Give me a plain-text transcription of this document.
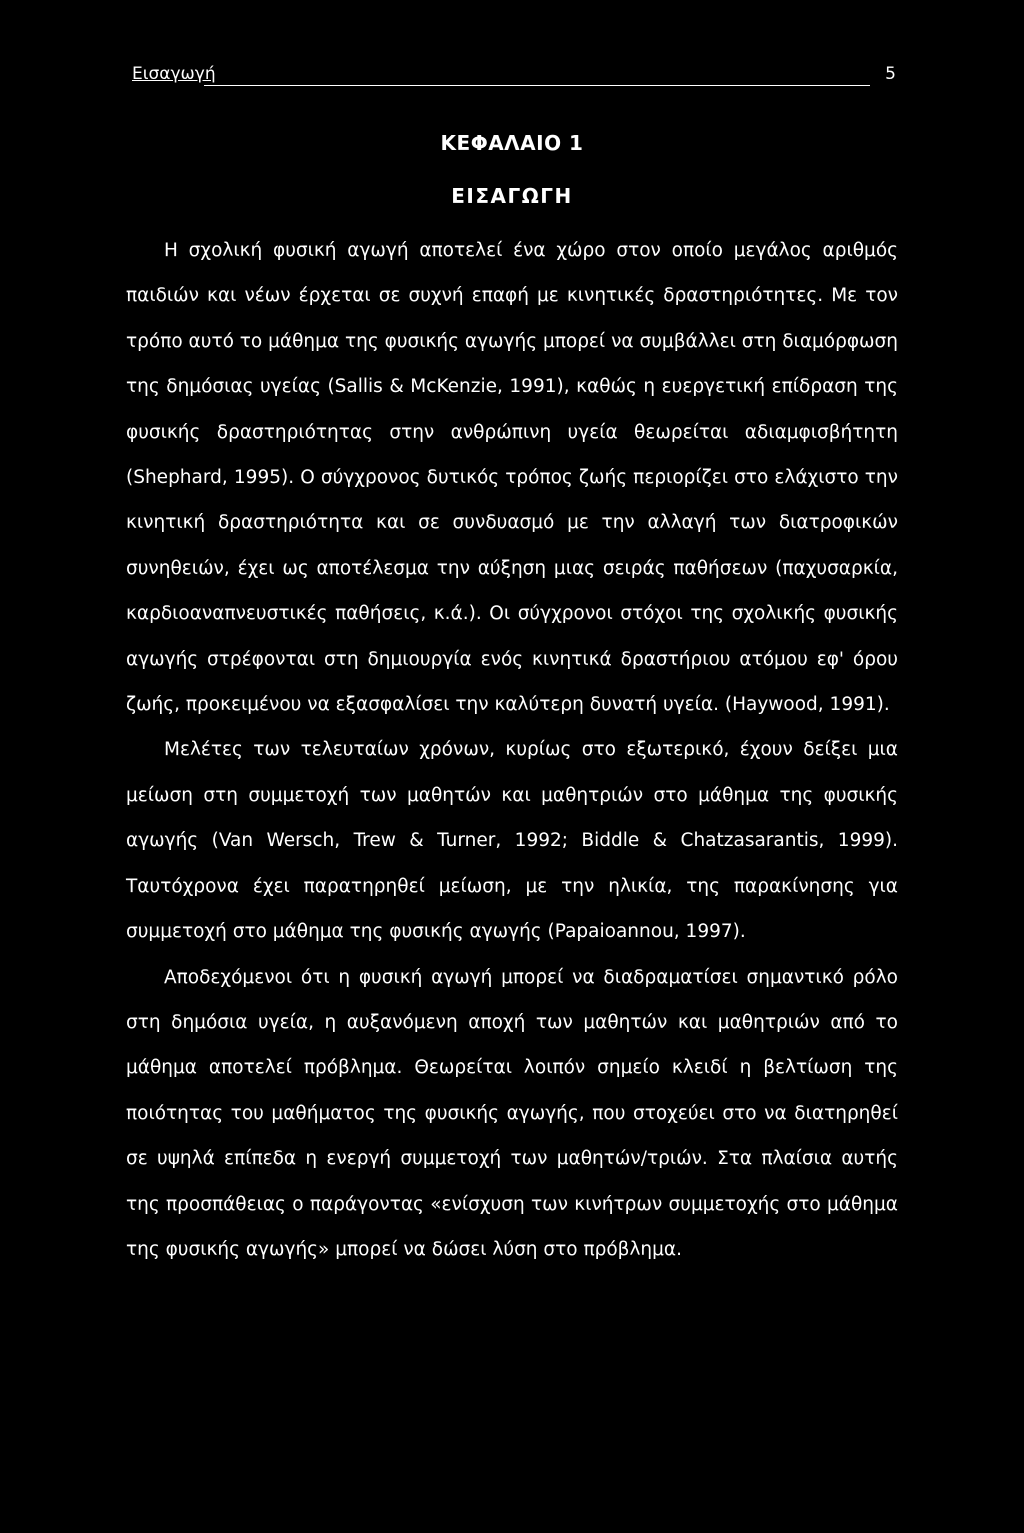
Εισαγωγή	5
ΚΕΦΑΛΑΙΟ 1
ΕΙΣΑΓΩΓΗ

Η σχολική φυσική αγωγή αποτελεί ένα χώρο στον οποίο μεγάλος αριθμός παιδιών και νέων έρχεται σε συχνή επαφή με κινητικές δραστηριότητες. Με τον τρόπο αυτό το μάθημα της φυσικής αγωγής μπορεί να συμβάλλει στη διαμόρφωση της δημόσιας υγείας (Sallis & McKenzie, 1991), καθώς η ευεργετική επίδραση της φυσικής δραστηριότητας στην ανθρώπινη υγεία θεωρείται αδιαμφισβήτητη (Shephard, 1995). Ο σύγχρονος δυτικός τρόπος ζωής περιορίζει στο ελάχιστο την κινητική δραστηριότητα και σε συνδυασμό με την αλλαγή των διατροφικών συνηθειών, έχει ως αποτέλεσμα την αύξηση μιας σειράς παθήσεων (παχυσαρκία, καρδιοαναπνευστικές παθήσεις, κ.ά.). Οι σύγχρονοι στόχοι της σχολικής φυσικής αγωγής στρέφονται στη δημιουργία ενός κινητικά δραστήριου ατόμου εφ' όρου ζωής, προκειμένου να εξασφαλίσει την καλύτερη δυνατή υγεία. (Haywood, 1991).

Μελέτες των τελευταίων χρόνων, κυρίως στο εξωτερικό, έχουν δείξει μια μείωση στη συμμετοχή των μαθητών και μαθητριών στο μάθημα της φυσικής αγωγής (Van Wersch, Trew & Turner, 1992; Biddle & Chatzasarantis, 1999). Ταυτόχρονα έχει παρατηρηθεί μείωση, με την ηλικία, της παρακίνησης για συμμετοχή στο μάθημα της φυσικής αγωγής (Papaioannou, 1997).

Αποδεχόμενοι ότι η φυσική αγωγή μπορεί να διαδραματίσει σημαντικό ρόλο στη δημόσια υγεία, η αυξανόμενη αποχή των μαθητών και μαθητριών από το μάθημα αποτελεί πρόβλημα. Θεωρείται λοιπόν σημείο κλειδί η βελτίωση της ποιότητας του μαθήματος της φυσικής αγωγής, που στοχεύει στο να διατηρηθεί σε υψηλά επίπεδα η ενεργή συμμετοχή των μαθητών/τριών. Στα πλαίσια αυτής της προσπάθειας ο παράγοντας «ενίσχυση των κινήτρων συμμετοχής στο μάθημα της φυσικής αγωγής» μπορεί να δώσει λύση στο πρόβλημα.
